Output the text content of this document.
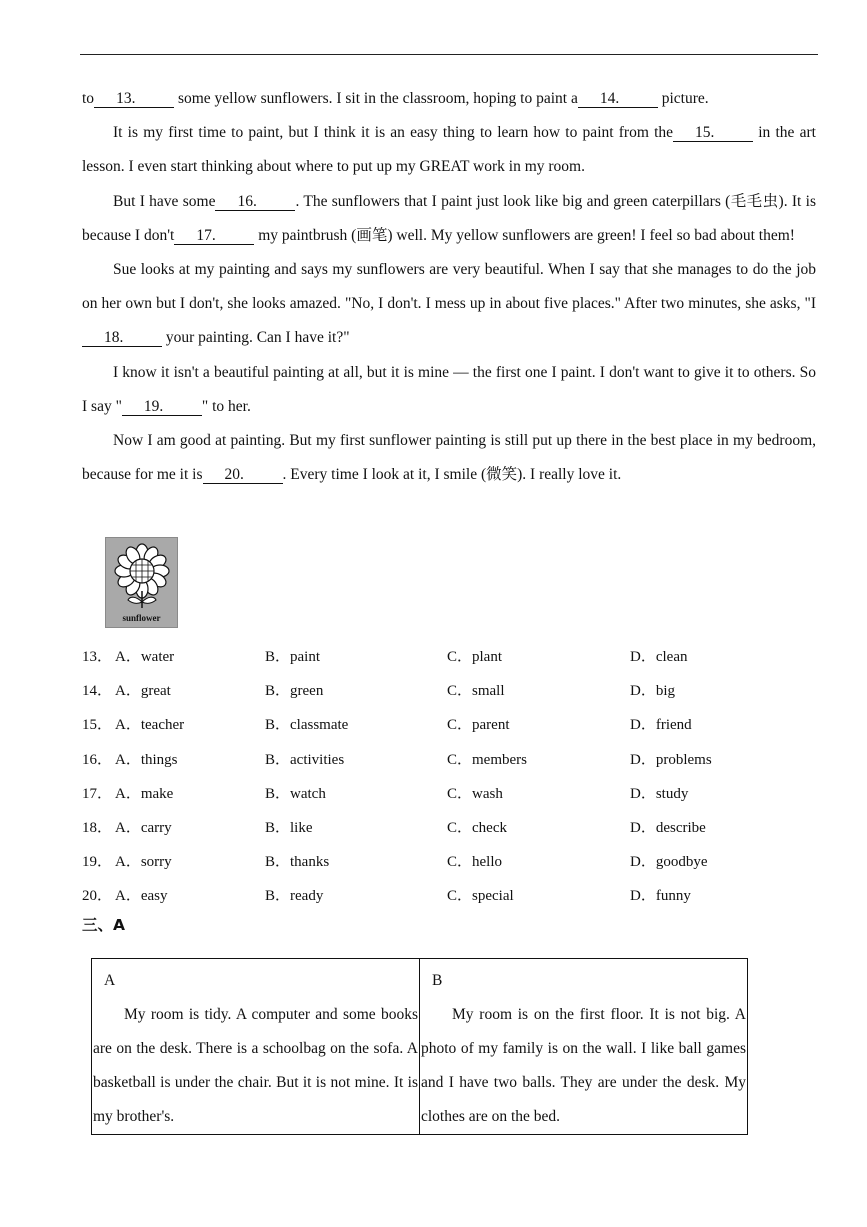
to 13. some yellow sunflowers. I sit in the classroom, hoping to paint a 14. picture.

It is my first time to paint, but I think it is an easy thing to learn how to paint from the 15. in the art lesson. I even start thinking about where to put up my GREAT work in my room.

But I have some 16. . The sunflowers that I paint just look like big and green caterpillars (毛毛虫). It is because I don't 17. my paintbrush (画笔) well. My yellow sunflowers are green! I feel so bad about them!

Sue looks at my painting and says my sunflowers are very beautiful. When I say that she manages to do the job on her own but I don't, she looks amazed. "No, I don't. I mess up in about five places." After two minutes, she asks, "I18. your painting. Can I have it?"

I know it isn't a beautiful painting at all, but it is mine — the first one I paint. I don't want to give it to others. So I say " 19. " to her.

Now I am good at painting. But my first sunflower painting is still put up there in the best place in my bedroom, because for me it is 20. . Every time I look at it, I smile (微笑). I really love it.

sunflower
13． A．water	B．paint	C．plant	D．clean
14． A．great	B．green	C．small	D．big
15． A．teacher	B．classmate	C．parent	D．friend
16． A．things	B．activities	C．members	D．problems
17． A．make	B．watch	C．wash	D．study
18． A．carry	B．like	C．check	D．describe
19． A．sorry	B．thanks	C．hello	D．goodbye
20． A．easy	B．ready	C．special	D．funny
三、A
A
My room is tidy. A computer and some books are on the desk. There is a schoolbag on the sofa. A basketball is under the chair. But it is not mine. It is my brother's.

B
My room is on the first floor. It is not big. A photo of my family is on the wall. I like ball games and I have two balls. They are under the desk. My clothes are on the bed.
